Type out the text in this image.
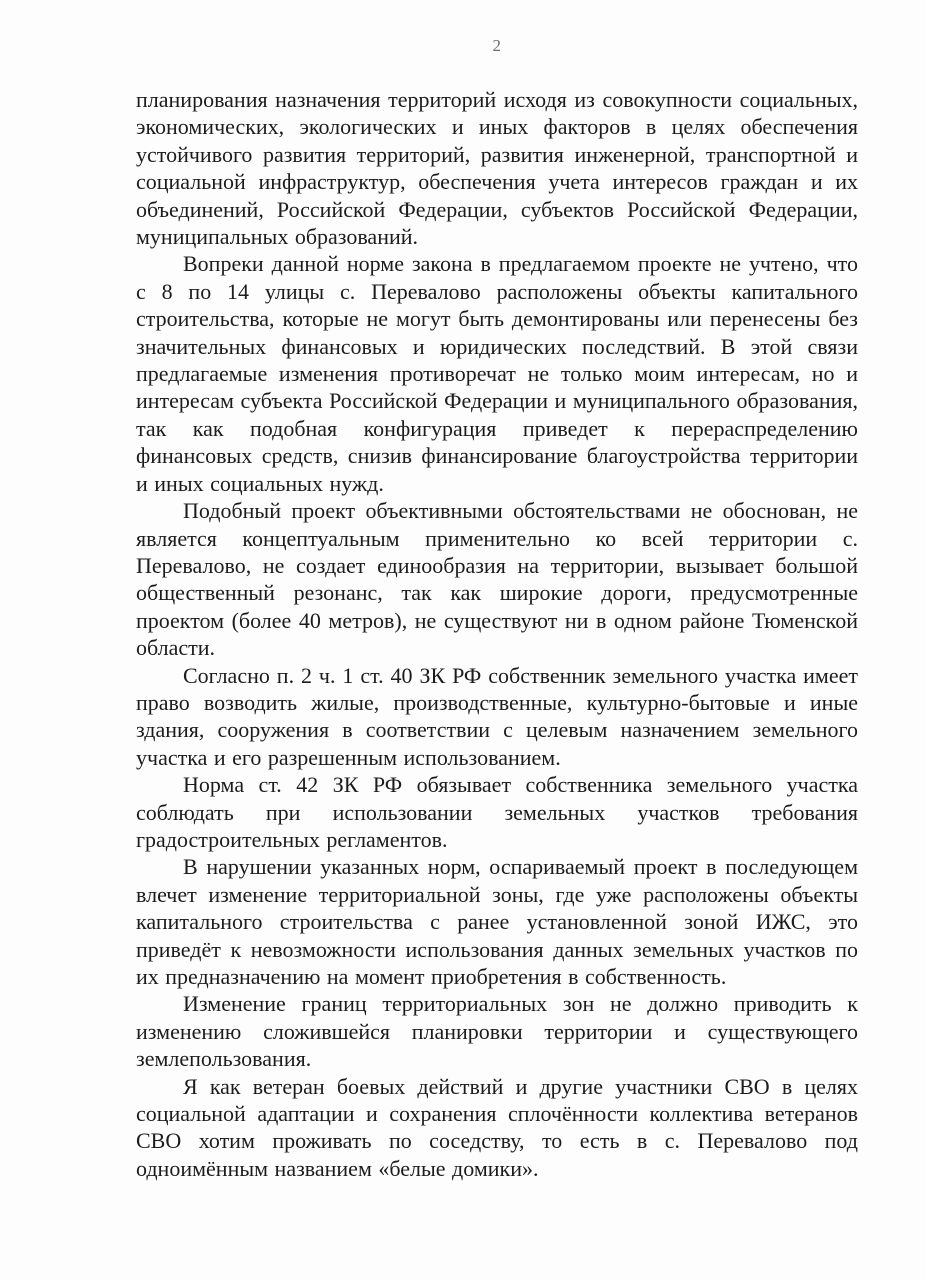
2

планирования назначения территорий исходя из совокупности социальных, экономических, экологических и иных факторов в целях обеспечения устойчивого развития территорий, развития инженерной, транспортной и социальной инфраструктур, обеспечения учета интересов граждан и их объединений, Российской Федерации, субъектов Российской Федерации, муниципальных образований.

Вопреки данной норме закона в предлагаемом проекте не учтено, что с 8 по 14 улицы с. Перевалово расположены объекты капитального строительства, которые не могут быть демонтированы или перенесены без значительных финансовых и юридических последствий. В этой связи предлагаемые изменения противоречат не только моим интересам, но и интересам субъекта Российской Федерации и муниципального образования, так как подобная конфигурация приведет к перераспределению финансовых средств, снизив финансирование благоустройства территории и иных социальных нужд.

Подобный проект объективными обстоятельствами не обоснован, не является концептуальным применительно ко всей территории с. Перевалово, не создает единообразия на территории, вызывает большой общественный резонанс, так как широкие дороги, предусмотренные проектом (более 40 метров), не существуют ни в одном районе Тюменской области.

Согласно п. 2 ч. 1 ст. 40 ЗК РФ собственник земельного участка имеет право возводить жилые, производственные, культурно-бытовые и иные здания, сооружения в соответствии с целевым назначением земельного участка и его разрешенным использованием.

Норма ст. 42 ЗК РФ обязывает собственника земельного участка соблюдать при использовании земельных участков требования градостроительных регламентов.

В нарушении указанных норм, оспариваемый проект в последующем влечет изменение территориальной зоны, где уже расположены объекты капитального строительства с ранее установленной зоной ИЖС, это приведёт к невозможности использования данных земельных участков по их предназначению на момент приобретения в собственность.

Изменение границ территориальных зон не должно приводить к изменению сложившейся планировки территории и существующего землепользования.

Я как ветеран боевых действий и другие участники СВО в целях социальной адаптации и сохранения сплочённости коллектива ветеранов СВО хотим проживать по соседству, то есть в с. Перевалово под одноимённым названием «белые домики».
